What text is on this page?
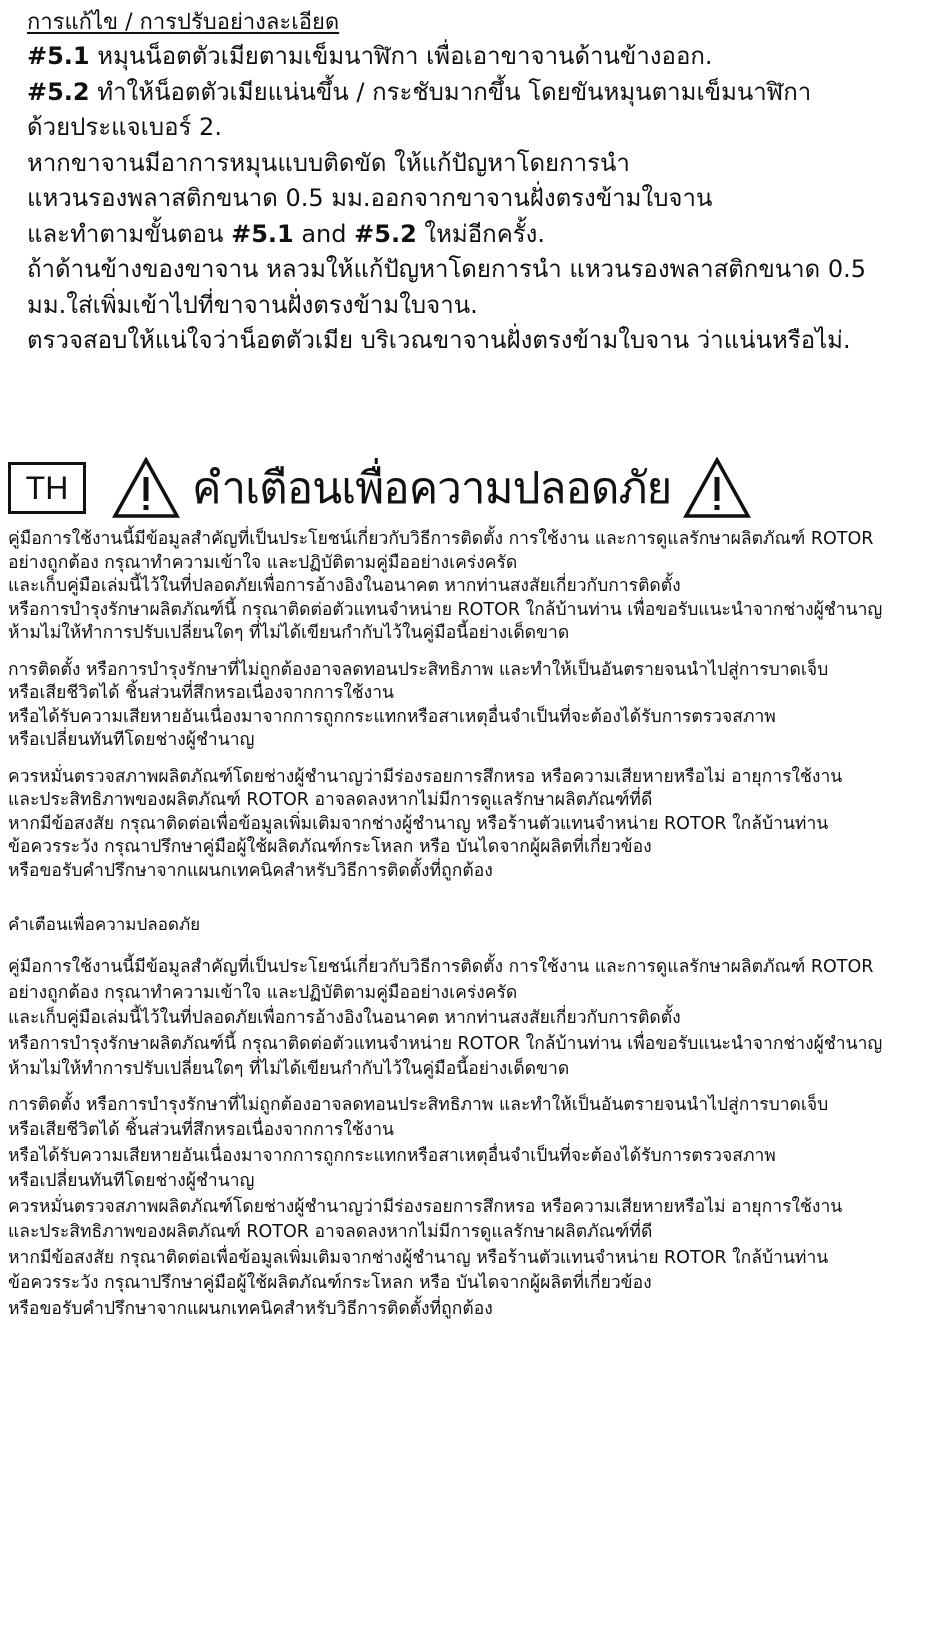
การแก้ไข / การปรับอย่างละเอียด
#5.1 หมุนน็อตตัวเมียตามเข็มนาฬิกา เพื่อเอาขาจานด้านข้างออก.
#5.2 ทำให้น็อตตัวเมียแน่นขึ้น / กระชับมากขึ้น โดยขันหมุนตามเข็มนาฬิกา
ด้วยประแจเบอร์ 2.
หากขาจานมีอาการหมุนแบบติดขัด ให้แก้ปัญหาโดยการนำ
แหวนรองพลาสติกขนาด 0.5 มม.ออกจากขาจานฝั่งตรงข้ามใบจาน
และทำตามขั้นตอน #5.1 and #5.2 ใหม่อีกครั้ง.
ถ้าด้านข้างของขาจาน หลวมให้แก้ปัญหาโดยการนำ แหวนรองพลาสติกขนาด 0.5
มม.ใส่เพิ่มเข้าไปที่ขาจานฝั่งตรงข้ามใบจาน.
ตรวจสอบให้แน่ใจว่าน็อตตัวเมีย บริเวณขาจานฝั่งตรงข้ามใบจาน ว่าแน่นหรือไม่.
TH	คำเตือนเพื่อความปลอดภัย
คู่มือการใช้งานนี้มีข้อมูลสำคัญที่เป็นประโยชน์เกี่ยวกับวิธีการติดตั้ง การใช้งาน และการดูแลรักษาผลิตภัณฑ์ ROTOR
อย่างถูกต้อง กรุณาทำความเข้าใจ และปฏิบัติตามคู่มืออย่างเคร่งครัด
และเก็บคู่มือเล่มนี้ไว้ในที่ปลอดภัยเพื่อการอ้างอิงในอนาคต หากท่านสงสัยเกี่ยวกับการติดตั้ง
หรือการบำรุงรักษาผลิตภัณฑ์นี้ กรุณาติดต่อตัวแทนจำหน่าย ROTOR ใกล้บ้านท่าน เพื่อขอรับแนะนำจากช่างผู้ชำนาญ
ห้ามไม่ให้ทำการปรับเปลี่ยนใดๆ ที่ไม่ได้เขียนกำกับไว้ในคู่มือนี้อย่างเด็ดขาด
การติดตั้ง หรือการบำรุงรักษาที่ไม่ถูกต้องอาจลดทอนประสิทธิภาพ และทำให้เป็นอันตรายจนนำไปสู่การบาดเจ็บ
หรือเสียชีวิตได้ ชิ้นส่วนที่สึกหรอเนื่องจากการใช้งาน
หรือได้รับความเสียหายอันเนื่องมาจากการถูกกระแทกหรือสาเหตุอื่นจำเป็นที่จะต้องได้รับการตรวจสภาพ
หรือเปลี่ยนทันทีโดยช่างผู้ชำนาญ
ควรหมั่นตรวจสภาพผลิตภัณฑ์โดยช่างผู้ชำนาญว่ามีร่องรอยการสึกหรอ หรือความเสียหายหรือไม่ อายุการใช้งาน
และประสิทธิภาพของผลิตภัณฑ์ ROTOR อาจลดลงหากไม่มีการดูแลรักษาผลิตภัณฑ์ที่ดี
หากมีข้อสงสัย กรุณาติดต่อเพื่อข้อมูลเพิ่มเติมจากช่างผู้ชำนาญ หรือร้านตัวแทนจำหน่าย ROTOR ใกล้บ้านท่าน
ข้อควรระวัง กรุณาปรึกษาคู่มือผู้ใช้ผลิตภัณฑ์กระโหลก หรือ บันไดจากผู้ผลิตที่เกี่ยวข้อง
หรือขอรับคำปรึกษาจากแผนกเทคนิคสำหรับวิธีการติดตั้งที่ถูกต้อง
คำเตือนเพื่อความปลอดภัย
คู่มือการใช้งานนี้มีข้อมูลสำคัญที่เป็นประโยชน์เกี่ยวกับวิธีการติดตั้ง การใช้งาน และการดูแลรักษาผลิตภัณฑ์ ROTOR
อย่างถูกต้อง กรุณาทำความเข้าใจ และปฏิบัติตามคู่มืออย่างเคร่งครัด
และเก็บคู่มือเล่มนี้ไว้ในที่ปลอดภัยเพื่อการอ้างอิงในอนาคต หากท่านสงสัยเกี่ยวกับการติดตั้ง
หรือการบำรุงรักษาผลิตภัณฑ์นี้ กรุณาติดต่อตัวแทนจำหน่าย ROTOR ใกล้บ้านท่าน เพื่อขอรับแนะนำจากช่างผู้ชำนาญ
ห้ามไม่ให้ทำการปรับเปลี่ยนใดๆ ที่ไม่ได้เขียนกำกับไว้ในคู่มือนี้อย่างเด็ดขาด
การติดตั้ง หรือการบำรุงรักษาที่ไม่ถูกต้องอาจลดทอนประสิทธิภาพ และทำให้เป็นอันตรายจนนำไปสู่การบาดเจ็บ
หรือเสียชีวิตได้ ชิ้นส่วนที่สึกหรอเนื่องจากการใช้งาน
หรือได้รับความเสียหายอันเนื่องมาจากการถูกกระแทกหรือสาเหตุอื่นจำเป็นที่จะต้องได้รับการตรวจสภาพ
หรือเปลี่ยนทันทีโดยช่างผู้ชำนาญ
ควรหมั่นตรวจสภาพผลิตภัณฑ์โดยช่างผู้ชำนาญว่ามีร่องรอยการสึกหรอ หรือความเสียหายหรือไม่ อายุการใช้งาน
และประสิทธิภาพของผลิตภัณฑ์ ROTOR อาจลดลงหากไม่มีการดูแลรักษาผลิตภัณฑ์ที่ดี
หากมีข้อสงสัย กรุณาติดต่อเพื่อข้อมูลเพิ่มเติมจากช่างผู้ชำนาญ หรือร้านตัวแทนจำหน่าย ROTOR ใกล้บ้านท่าน
ข้อควรระวัง กรุณาปรึกษาคู่มือผู้ใช้ผลิตภัณฑ์กระโหลก หรือ บันไดจากผู้ผลิตที่เกี่ยวข้อง
หรือขอรับคำปรึกษาจากแผนกเทคนิคสำหรับวิธีการติดตั้งที่ถูกต้อง
